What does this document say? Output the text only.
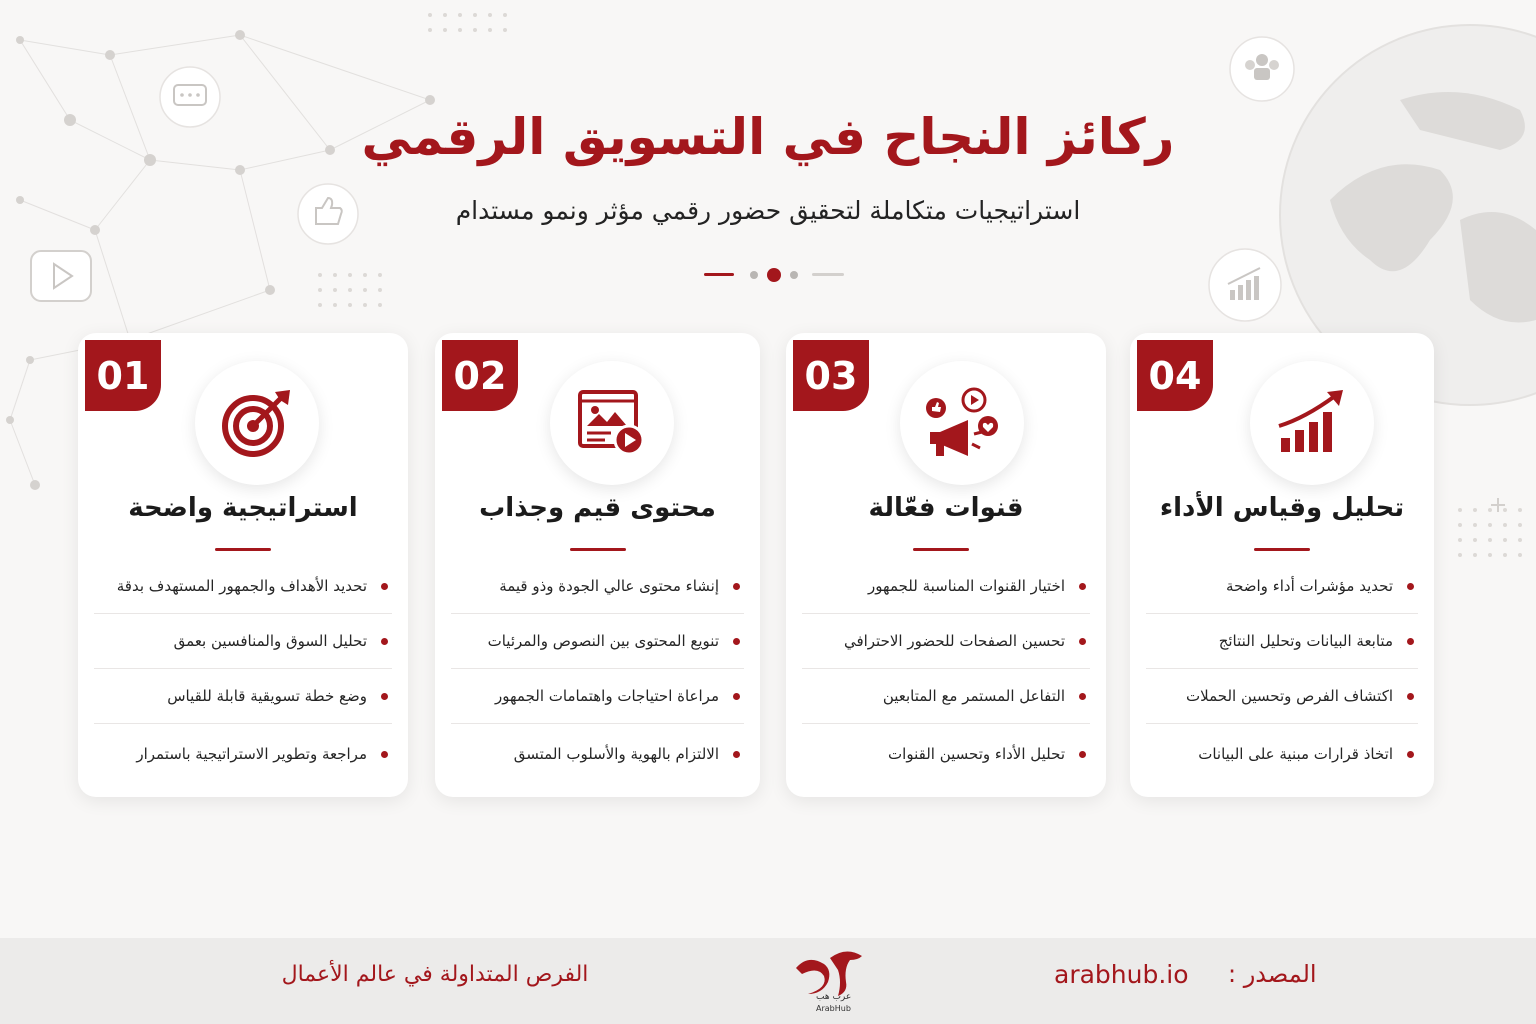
ركائز النجاح في التسويق الرقمي

استراتيجيات متكاملة لتحقيق حضور رقمي مؤثر ونمو مستدام

01
استراتيجية واضحة
تحديد الأهداف والجمهور المستهدف بدقة
تحليل السوق والمنافسين بعمق
وضع خطة تسويقية قابلة للقياس
مراجعة وتطوير الاستراتيجية باستمرار
02
محتوى قيم وجذاب
إنشاء محتوى عالي الجودة وذو قيمة
تنويع المحتوى بين النصوص والمرئيات
مراعاة احتياجات واهتمامات الجمهور
الالتزام بالهوية والأسلوب المتسق
03
قنوات فعّالة
اختيار القنوات المناسبة للجمهور
تحسين الصفحات للحضور الاحترافي
التفاعل المستمر مع المتابعين
تحليل الأداء وتحسين القنوات
04
تحليل وقياس الأداء
تحديد مؤشرات أداء واضحة
متابعة البيانات وتحليل النتائج
اكتشاف الفرص وتحسين الحملات
اتخاذ قرارات مبنية على البيانات
الفرص المتداولة في عالم الأعمال
عرب هب
ArabHub
arabhub.io المصدر :
